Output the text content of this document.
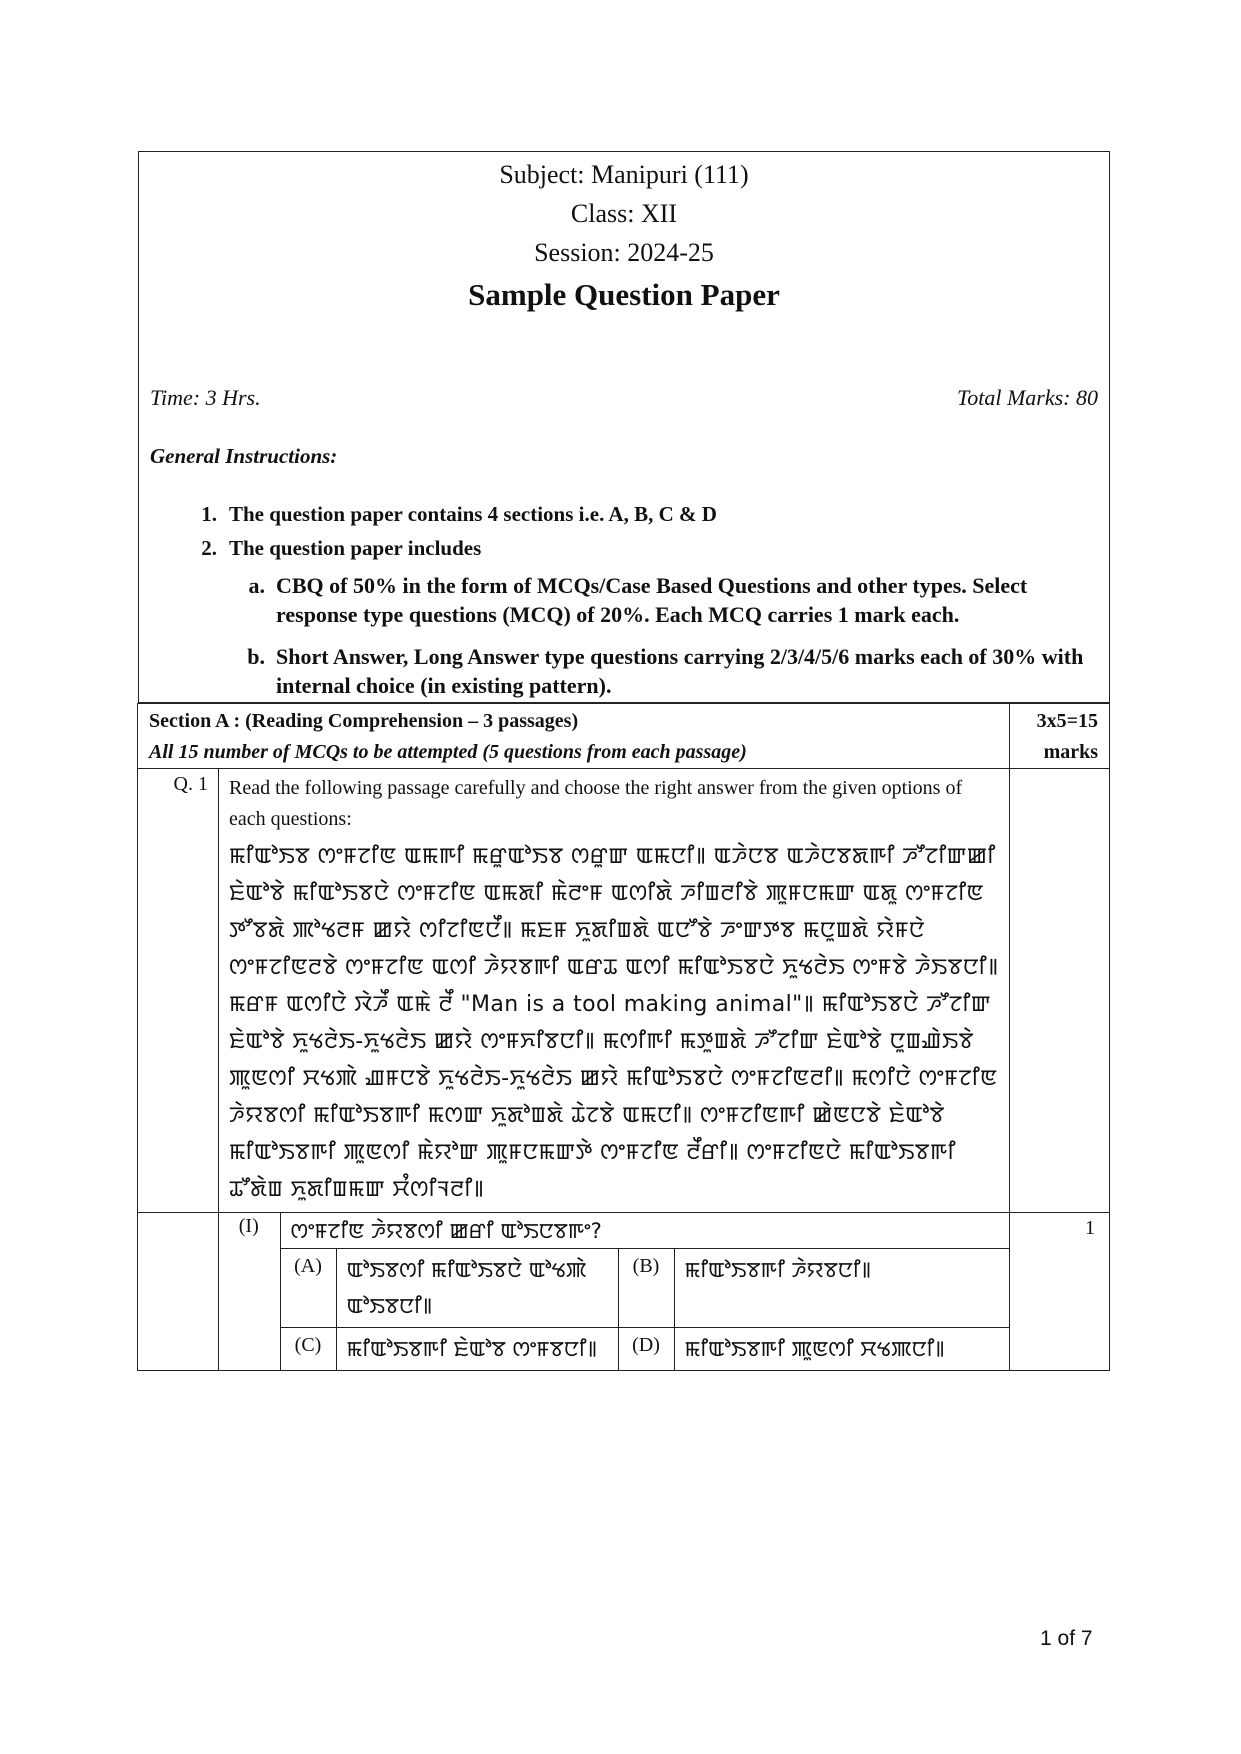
Subject: Manipuri (111)
Class: XII
Session: 2024-25
Sample Question Paper
Time: 3 Hrs.	Total Marks: 80
General Instructions:
1. The question paper contains 4 sections i.e. A, B, C & D
2. The question paper includes
a. CBQ of 50% in the form of MCQs/Case Based Questions and other types. Select response type questions (MCQ) of 20%. Each MCQ carries 1 mark each.
b. Short Answer, Long Answer type questions carrying 2/3/4/5/6 marks each of 30% with internal choice (in existing pattern).
Section A : (Reading Comprehension – 3 passages)
All 15 number of MCQs to be attempted (5 questions from each passage)

3x5=15
marks

Q. 1	Read the following passage carefully and choose the right answer from the given options of each questions:
ꯃꯤꯑꯣꯏꯕ ꯁꯦꯝꯖꯤꯟ ꯑꯃꯒꯤ ꯃꯔꯨꯑꯣꯏꯕ ꯁꯔꯨꯛ ꯑꯃꯅꯤ꯫ ꯑꯍꯥꯅꯕ ꯑꯍꯥꯅꯕꯗꯒꯤ ꯍꯧꯖꯤꯛꯀꯤ ꯐꯥꯑꯣꯕꯥ ꯃꯤꯑꯣꯏꯕꯅꯥ ꯁꯦꯝꯖꯤꯟ ꯑꯃꯗꯤ ꯃꯥꯂꯦꯝ ꯑꯁꯤꯗꯥ ꯍꯤꯡꯂꯤꯕꯥ ꯄꯨꯝꯅꯃꯛ ꯑꯗꯨ ꯁꯦꯝꯖꯤꯟ ꯇꯧꯕꯗꯥ ꯄꯣꯠꯂꯝ ꯀꯌꯥ ꯁꯤꯖꯤꯟꯅꯩ꯫ ꯃꯐꯝ ꯈꯨꯗꯤꯡꯗꯥ ꯑꯅꯧꯕꯥ ꯍꯦꯛꯇꯕ ꯃꯅꯨꯡꯗꯥ ꯌꯥꯝꯅꯥ ꯁꯦꯝꯖꯤꯟꯂꯕꯥ ꯁꯦꯝꯖꯤꯟ ꯑꯁꯤ ꯍꯥꯌꯕꯒꯤ ꯑꯔꯊ ꯑꯁꯤ ꯃꯤꯑꯣꯏꯕꯅꯥ ꯈꯨꯠꯂꯥꯏ ꯁꯦꯝꯕꯥ ꯍꯥꯏꯕꯅꯤ꯫ ꯃꯔꯝ ꯑꯁꯤꯅꯥ ꯋꯥꯍꯩ ꯑꯃꯥ ꯂꯩ "Man is a tool making animal"꯫ ꯃꯤꯑꯣꯏꯕꯅꯥ ꯍꯧꯖꯤꯛ ꯐꯥꯑꯣꯕꯥ ꯈꯨꯠꯂꯥꯏ-ꯈꯨꯠꯂꯥꯏ ꯀꯌꯥ ꯁꯦꯝꯈꯤꯕꯅꯤ꯫ ꯃꯁꯤꯒꯤ ꯃꯇꯨꯡꯗꯥ ꯍꯧꯖꯤꯛ ꯐꯥꯑꯣꯕꯥ ꯅꯨꯡꯉꯥꯏꯕꯥ ꯄꯨꯟꯁꯤ ꯆꯠꯄꯥ ꯉꯝꯅꯕꯥ ꯈꯨꯠꯂꯥꯏ-ꯈꯨꯠꯂꯥꯏ ꯀꯌꯥ ꯃꯤꯑꯣꯏꯕꯅꯥ ꯁꯦꯝꯖꯤꯟꯂꯤ꯫ ꯃꯁꯤꯅꯥ ꯁꯦꯝꯖꯤꯟ ꯍꯥꯌꯕꯁꯤ ꯃꯤꯑꯣꯏꯕꯒꯤ ꯃꯁꯛ ꯈꯨꯗꯣꯡꯗꯥ ꯊꯥꯖꯕꯥ ꯑꯃꯅꯤ꯫ ꯁꯦꯝꯖꯤꯟꯒꯤ ꯀꯥꯟꯅꯕꯥ ꯐꯥꯑꯣꯕꯥ ꯃꯤꯑꯣꯏꯕꯒꯤ ꯄꯨꯟꯁꯤ ꯃꯥꯌꯣꯛ ꯄꯨꯝꯅꯃꯛꯇꯥ ꯁꯦꯝꯖꯤꯟ ꯂꯩꯔꯤ꯫ ꯁꯦꯝꯖꯤꯟꯅꯥ ꯃꯤꯑꯣꯏꯕꯒꯤ ꯊꯧꯗꯥꯡ ꯈꯨꯗꯤꯡꯃꯛ ꯆꯪꯁꯤꯜꯂꯤ꯫

(I)	ꯁꯦꯝꯖꯤꯟ ꯍꯥꯌꯕꯁꯤ ꯀꯔꯤ ꯑꯣꯏꯅꯕꯒꯦ?
(A)	ꯑꯣꯏꯕꯁꯤ ꯃꯤꯑꯣꯏꯕꯅꯥ ꯑꯣꯠꯄꯥ ꯑꯣꯏꯕꯅꯤ꯫	(B)	ꯃꯤꯑꯣꯏꯕꯒꯤ ꯍꯥꯌꯕꯅꯤ꯫
(C)	ꯃꯤꯑꯣꯏꯕꯒꯤ ꯐꯥꯑꯣꯕ ꯁꯦꯝꯕꯅꯤ꯫	(D)	ꯃꯤꯑꯣꯏꯕꯒꯤ ꯄꯨꯟꯁꯤ ꯆꯠꯄꯅꯤ꯫
	1
1 of 7
